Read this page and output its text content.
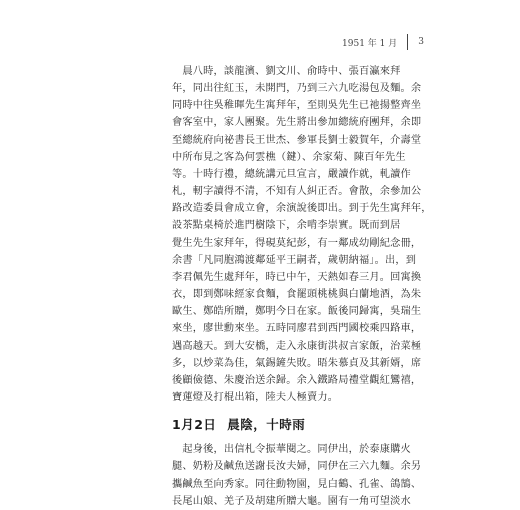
1951 年 1 月 3

　晨八時，談龍濱、劉文川、俞時中、張百瀛來拜
年，同出往紅玉，未開門，乃到三六九吃湯包及麵。余
同時中往吳稚暉先生寓拜年，至則吳先生已祂揚整齊坐
會客室中，家人團聚。先生將出參加總統府團拜，余即
至總統府向祕書長王世杰、參軍長劉士毅賀年，介壽堂
中所布見之客為何雲樵（鍵）、余家菊、陳百年先生
等。十時行禮，總統講元旦宣言，嚴讀作就，軋讀作
札，軔字讀得不清，不知有人糾正否。會散，余參加公
路改造委員會成立會，余演說後即出。到于先生寓拜年，
設茶點桌椅於進門樹陰下，余啃李崇實。既而到居
覺生先生家拜年，得硯莫紀彭，有一鄰成幼剛紀念冊，
余書「凡同胞鴻渡鄰延平王嗣者，歲朝納福」。出，到
李君佩先生處拜年，時已中午，天熱如春三月。回寓換
衣，即到鄭味經家食麵，食罷頭桃桃與白蘭地酒，為朱
歐生、鄭皓所贈，鄭明今日在家。飯後同歸寓，吳瑞生
來坐，廖世勳來坐。五時同廖君到西門國校乘四路車，
遇高越天。到大安橋，走入永康街洪叔言家飯，治菜極
多，以炒菜為佳，氣錫鏟失敗。晤朱慕貞及其新婿，席
後顧儉德、朱慶治送余歸。余入鐵路局禮堂觀紅鸞禧，
寶蓮燈及打棍出箱，陸夫人極賣力。

1月2日 晨陰，十時雨

　起身後，出信札令振華閱之。同伊出，於泰康購火
腿、奶粉及鹹魚送謝長汝夫婦，同伊在三六九麵。余另
攜鹹魚至向秀家。同往動物園，見白鶴、孔雀、鴿鵠、
長尾山娘、羌子及胡建所贈大龜。園有一角可望淡水
